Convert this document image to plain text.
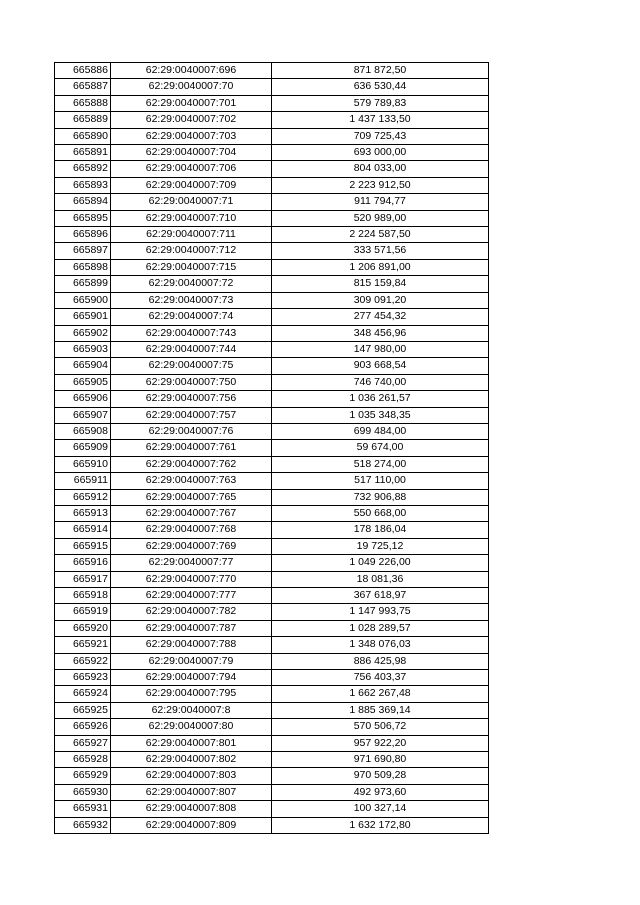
665886	62:29:0040007:696	871 872,50
665887	62:29:0040007:70	636 530,44
665888	62:29:0040007:701	579 789,83
665889	62:29:0040007:702	1 437 133,50
665890	62:29:0040007:703	709 725,43
665891	62:29:0040007:704	693 000,00
665892	62:29:0040007:706	804 033,00
665893	62:29:0040007:709	2 223 912,50
665894	62:29:0040007:71	911 794,77
665895	62:29:0040007:710	520 989,00
665896	62:29:0040007:711	2 224 587,50
665897	62:29:0040007:712	333 571,56
665898	62:29:0040007:715	1 206 891,00
665899	62:29:0040007:72	815 159,84
665900	62:29:0040007:73	309 091,20
665901	62:29:0040007:74	277 454,32
665902	62:29:0040007:743	348 456,96
665903	62:29:0040007:744	147 980,00
665904	62:29:0040007:75	903 668,54
665905	62:29:0040007:750	746 740,00
665906	62:29:0040007:756	1 036 261,57
665907	62:29:0040007:757	1 035 348,35
665908	62:29:0040007:76	699 484,00
665909	62:29:0040007:761	59 674,00
665910	62:29:0040007:762	518 274,00
665911	62:29:0040007:763	517 110,00
665912	62:29:0040007:765	732 906,88
665913	62:29:0040007:767	550 668,00
665914	62:29:0040007:768	178 186,04
665915	62:29:0040007:769	19 725,12
665916	62:29:0040007:77	1 049 226,00
665917	62:29:0040007:770	18 081,36
665918	62:29:0040007:777	367 618,97
665919	62:29:0040007:782	1 147 993,75
665920	62:29:0040007:787	1 028 289,57
665921	62:29:0040007:788	1 348 076,03
665922	62:29:0040007:79	886 425,98
665923	62:29:0040007:794	756 403,37
665924	62:29:0040007:795	1 662 267,48
665925	62:29:0040007:8	1 885 369,14
665926	62:29:0040007:80	570 506,72
665927	62:29:0040007:801	957 922,20
665928	62:29:0040007:802	971 690,80
665929	62:29:0040007:803	970 509,28
665930	62:29:0040007:807	492 973,60
665931	62:29:0040007:808	100 327,14
665932	62:29:0040007:809	1 632 172,80
